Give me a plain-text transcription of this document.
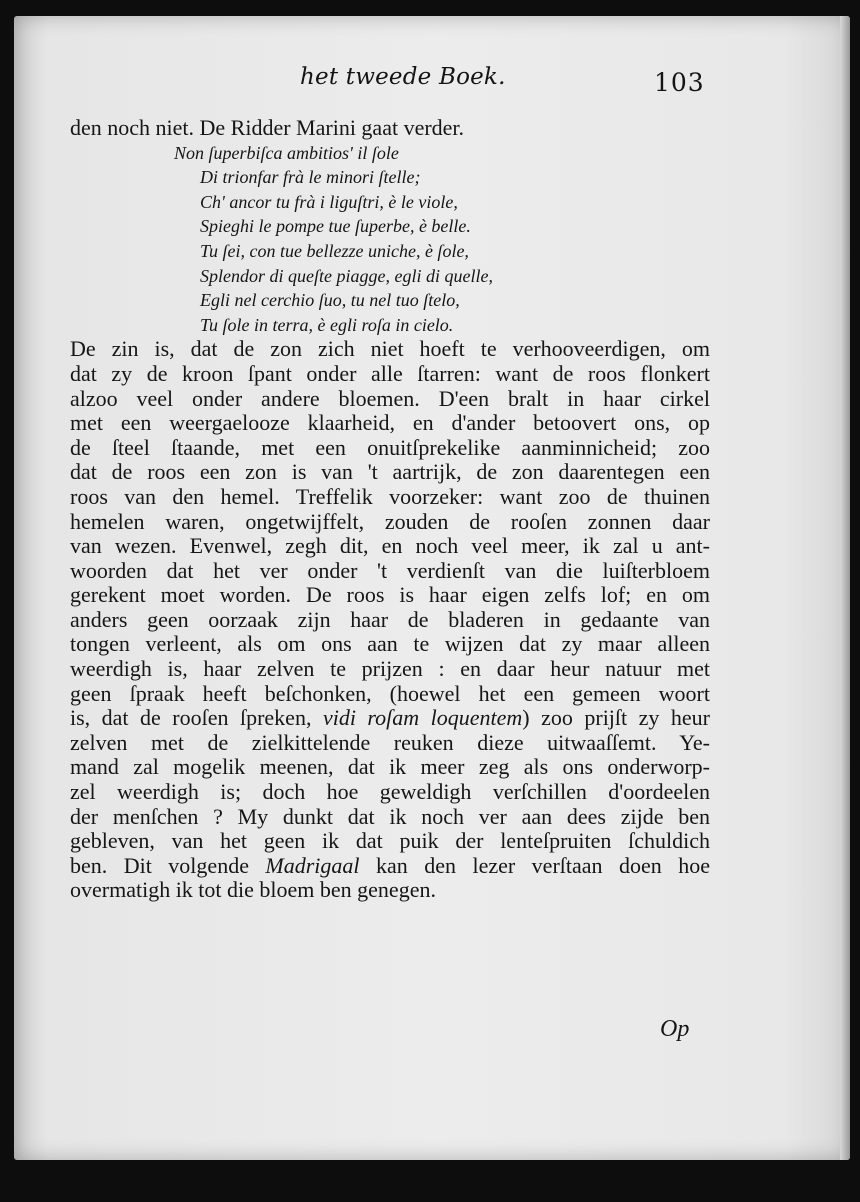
het tweede Boek.	103
den noch niet. De Ridder Marini gaat verder.
Non ſuperbiſca ambitios' il ſole
Di trionfar frà le minori ſtelle;
Ch' ancor tu frà i liguſtri, è le viole,
Spieghi le pompe tue ſuperbe, è belle.
Tu ſei, con tue bellezze uniche, è ſole,
Splendor di queſte piagge, egli di quelle,
Egli nel cerchio ſuo, tu nel tuo ſtelo,
Tu ſole in terra, è egli roſa in cielo.
De zin is, dat de zon zich niet hoeft te verhooveerdigen, om
dat zy de kroon ſpant onder alle ſtarren: want de roos flonkert
alzoo veel onder andere bloemen. D'een bralt in haar cirkel
met een weergaelooze klaarheid, en d'ander betoovert ons, op
de ſteel ſtaande, met een onuitſprekelike aanminnicheid; zoo
dat de roos een zon is van 't aartrijk, de zon daarentegen een
roos van den hemel. Treffelik voorzeker: want zoo de thuinen
hemelen waren, ongetwijffelt, zouden de rooſen zonnen daar
van wezen. Evenwel, zegh dit, en noch veel meer, ik zal u ant-
woorden dat het ver onder 't verdienſt van die luiſterbloem
gerekent moet worden. De roos is haar eigen zelfs lof; en om
anders geen oorzaak zijn haar de bladeren in gedaante van
tongen verleent, als om ons aan te wijzen dat zy maar alleen
weerdigh is, haar zelven te prijzen : en daar heur natuur met
geen ſpraak heeft beſchonken, (hoewel het een gemeen woort
is, dat de rooſen ſpreken, vidi roſam loquentem) zoo prijſt zy heur
zelven met de zielkittelende reuken dieze uitwaaſſemt. Ye-
mand zal mogelik meenen, dat ik meer zeg als ons onderworp-
zel weerdigh is; doch hoe geweldigh verſchillen d'oordeelen
der menſchen ? My dunkt dat ik noch ver aan dees zijde ben
gebleven, van het geen ik dat puik der lenteſpruiten ſchuldich
ben. Dit volgende Madrigaal kan den lezer verſtaan doen hoe
overmatigh ik tot die bloem ben genegen.
Op
